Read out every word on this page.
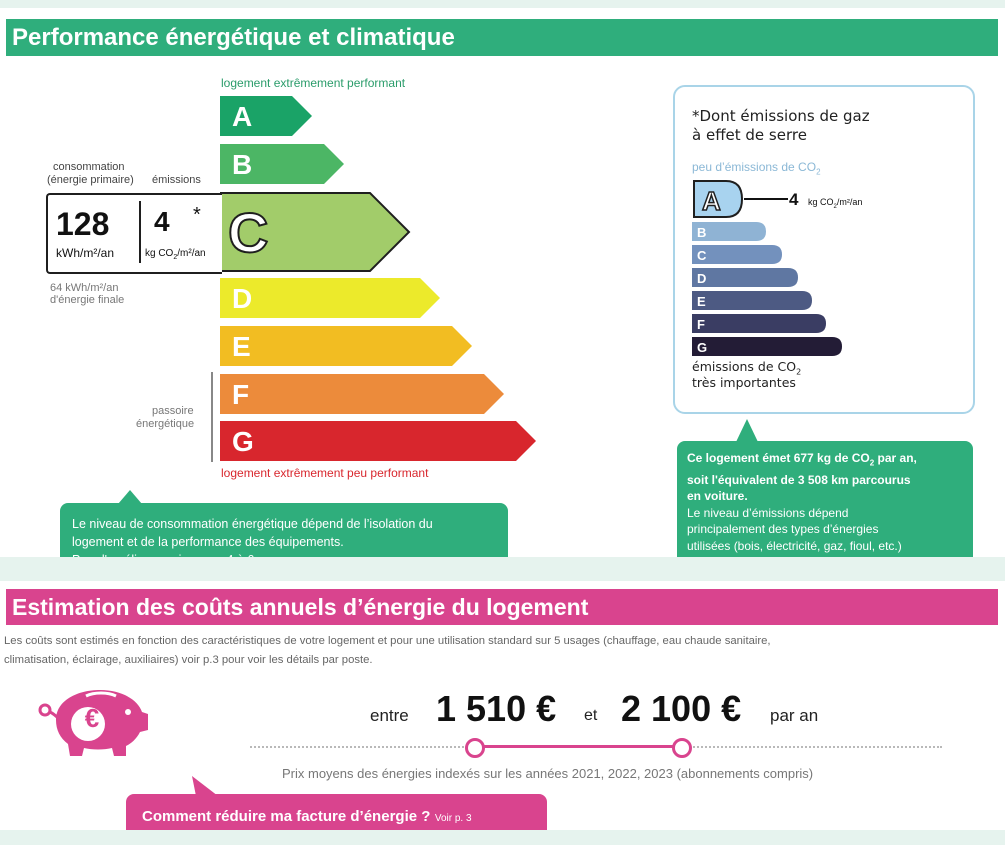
Performance énergétique et climatique
logement extrêmement performant
logement extrêmement peu performant
A
B
C
D
E
F
G
consommation
(énergie primaire) émissions
128
kWh/m²/an
4 *
kg $CO_2/m^2/an$
64 kWh/m²/an
d'énergie finale
passoire
énergétique
Le niveau de consommation énergétique dépend de l’isolation du
logement et de la performance des équipements.
*Dont émissions de gaz
à effet de serre
peu d’émissions de $CO_2$
A
B
C
D
E
F
G
4 kg $CO_2/m^2/an$
émissions de $CO_2$
très importantes
Ce logement émet 677 kg de $CO_2$ par an,
soit l'équivalent de 3 508 km parcourus
en voiture.
Le niveau d’émissions dépend
principalement des types d’énergies
utilisées (bois, électricité, gaz, fioul, etc.)
Estimation des coûts annuels d’énergie du logement
Les coûts sont estimés en fonction des caractéristiques de votre logement et pour une utilisation standard sur 5 usages (chauffage, eau chaude sanitaire,
climatisation, éclairage, auxiliaires) voir p.3 pour voir les détails par poste.
€	entre 1 510 € et 2 100 € par an
Prix moyens des énergies indexés sur les années 2021, 2022, 2023 (abonnements compris)
Comment réduire ma facture d’énergie ? Voir p. 3
